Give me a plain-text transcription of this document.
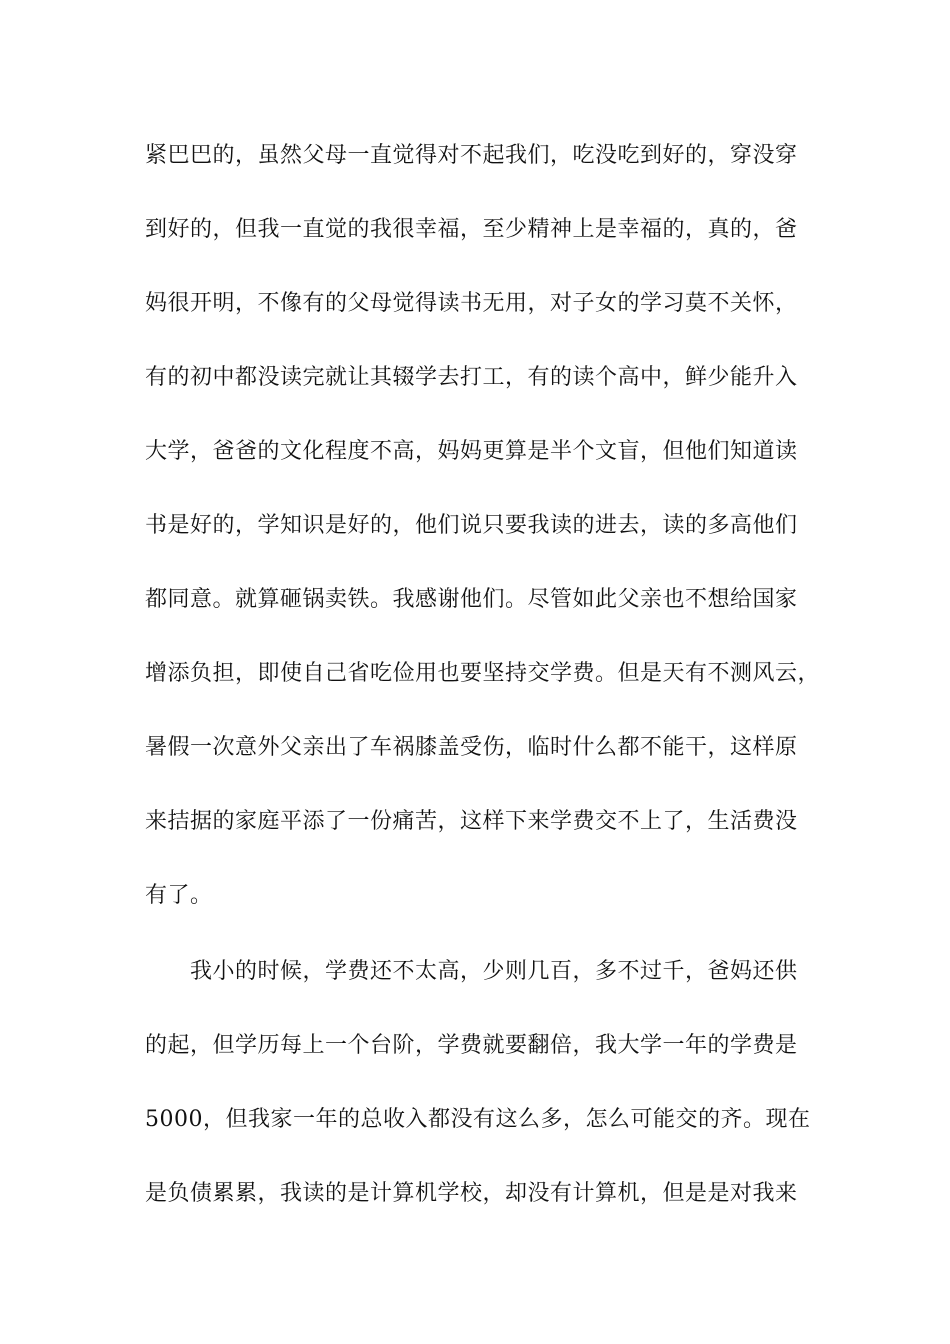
紧巴巴的，虽然父母一直觉得对不起我们，吃没吃到好的，穿没穿
到好的，但我一直觉的我很幸福，至少精神上是幸福的，真的，爸
妈很开明，不像有的父母觉得读书无用，对子女的学习莫不关怀，
有的初中都没读完就让其辍学去打工，有的读个高中，鲜少能升入
大学，爸爸的文化程度不高，妈妈更算是半个文盲，但他们知道读
书是好的，学知识是好的，他们说只要我读的进去，读的多高他们
都同意。就算砸锅卖铁。我感谢他们。尽管如此父亲也不想给国家
增添负担，即使自己省吃俭用也要坚持交学费。但是天有不测风云，
暑假一次意外父亲出了车祸膝盖受伤，临时什么都不能干，这样原
来拮据的家庭平添了一份痛苦，这样下来学费交不上了，生活费没
有了。
我小的时候，学费还不太高，少则几百，多不过千，爸妈还供
的起，但学历每上一个台阶，学费就要翻倍，我大学一年的学费是
5000，但我家一年的总收入都没有这么多，怎么可能交的齐。现在
是负债累累，我读的是计算机学校，却没有计算机，但是是对我来
